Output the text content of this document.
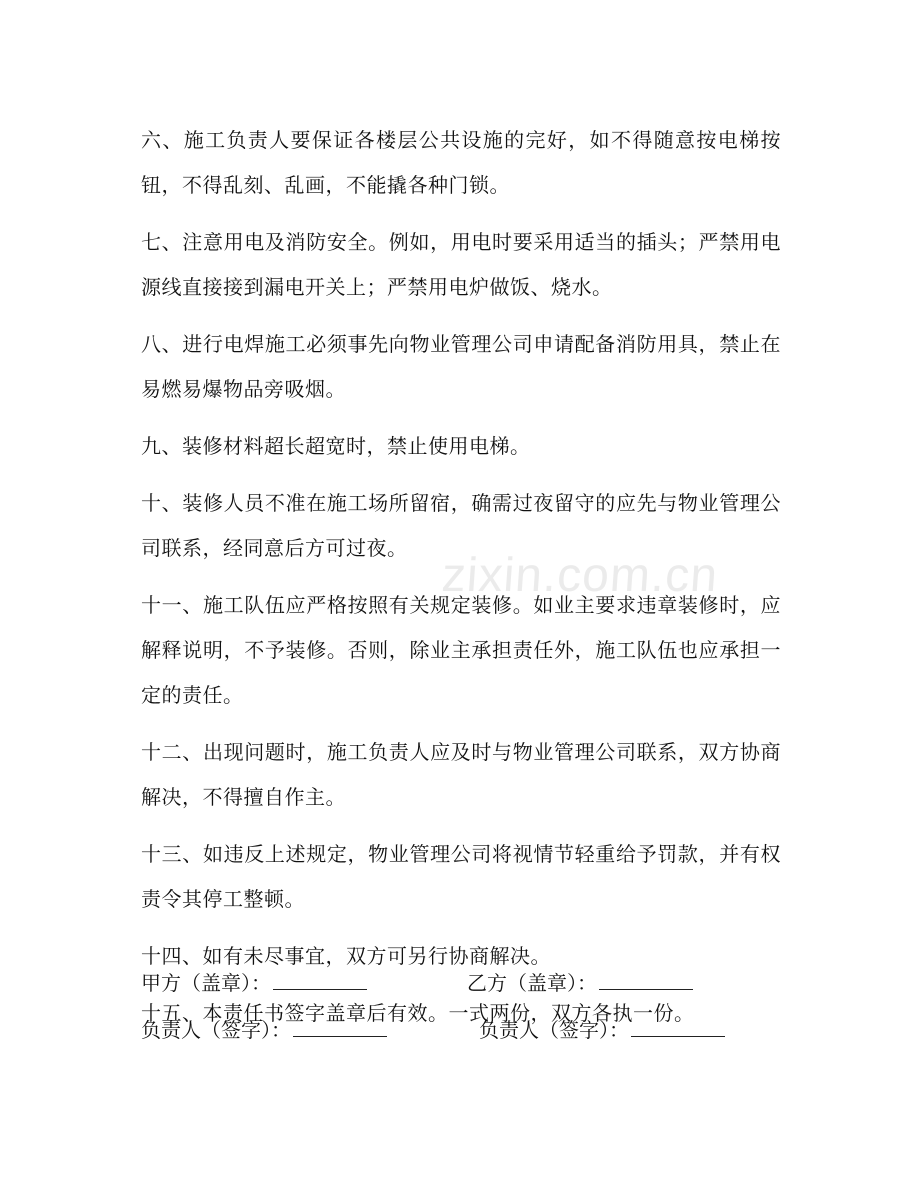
zixin.com.cn

六、施工负责人要保证各楼层公共设施的完好，如不得随意按电梯按钮，不得乱刻、乱画，不能撬各种门锁。

七、注意用电及消防安全。例如，用电时要采用适当的插头；严禁用电源线直接接到漏电开关上；严禁用电炉做饭、烧水。

八、进行电焊施工必须事先向物业管理公司申请配备消防用具，禁止在易燃易爆物品旁吸烟。

九、装修材料超长超宽时，禁止使用电梯。

十、装修人员不准在施工场所留宿，确需过夜留守的应先与物业管理公司联系，经同意后方可过夜。

十一、施工队伍应严格按照有关规定装修。如业主要求违章装修时，应解释说明，不予装修。否则，除业主承担责任外，施工队伍也应承担一定的责任。

十二、出现问题时，施工负责人应及时与物业管理公司联系，双方协商解决，不得擅自作主。

十三、如违反上述规定，物业管理公司将视情节轻重给予罚款，并有权责令其停工整顿。

十四、如有未尽事宜，双方可另行协商解决。

十五、本责任书签字盖章后有效。一式两份，双方各执一份。

甲方（盖章）：	乙方（盖章）：
负责人（签字）：	负责人（签字）：
